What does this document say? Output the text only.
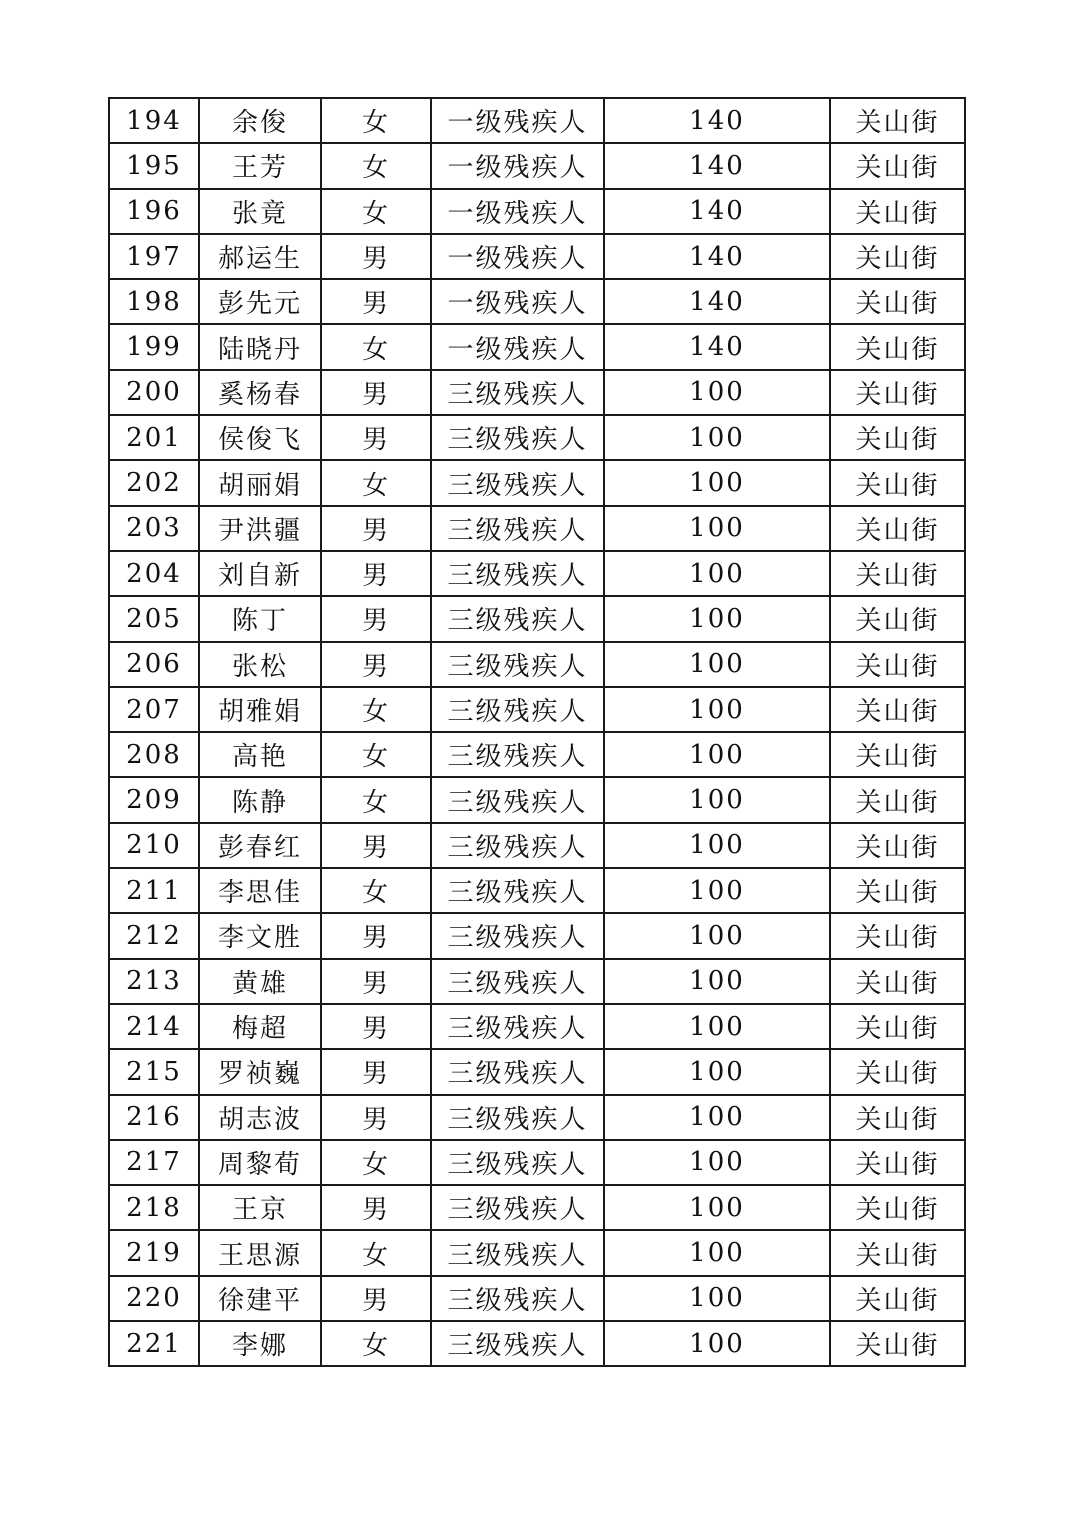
194	余俊	女	一级残疾人	140	关山街
195	王芳	女	一级残疾人	140	关山街
196	张竟	女	一级残疾人	140	关山街
197	郝运生	男	一级残疾人	140	关山街
198	彭先元	男	一级残疾人	140	关山街
199	陆晓丹	女	一级残疾人	140	关山街
200	奚杨春	男	三级残疾人	100	关山街
201	侯俊飞	男	三级残疾人	100	关山街
202	胡丽娟	女	三级残疾人	100	关山街
203	尹洪疆	男	三级残疾人	100	关山街
204	刘自新	男	三级残疾人	100	关山街
205	陈丁	男	三级残疾人	100	关山街
206	张松	男	三级残疾人	100	关山街
207	胡雅娟	女	三级残疾人	100	关山街
208	高艳	女	三级残疾人	100	关山街
209	陈静	女	三级残疾人	100	关山街
210	彭春红	男	三级残疾人	100	关山街
211	李思佳	女	三级残疾人	100	关山街
212	李文胜	男	三级残疾人	100	关山街
213	黄雄	男	三级残疾人	100	关山街
214	梅超	男	三级残疾人	100	关山街
215	罗祯巍	男	三级残疾人	100	关山街
216	胡志波	男	三级残疾人	100	关山街
217	周黎荀	女	三级残疾人	100	关山街
218	王京	男	三级残疾人	100	关山街
219	王思源	女	三级残疾人	100	关山街
220	徐建平	男	三级残疾人	100	关山街
221	李娜	女	三级残疾人	100	关山街
